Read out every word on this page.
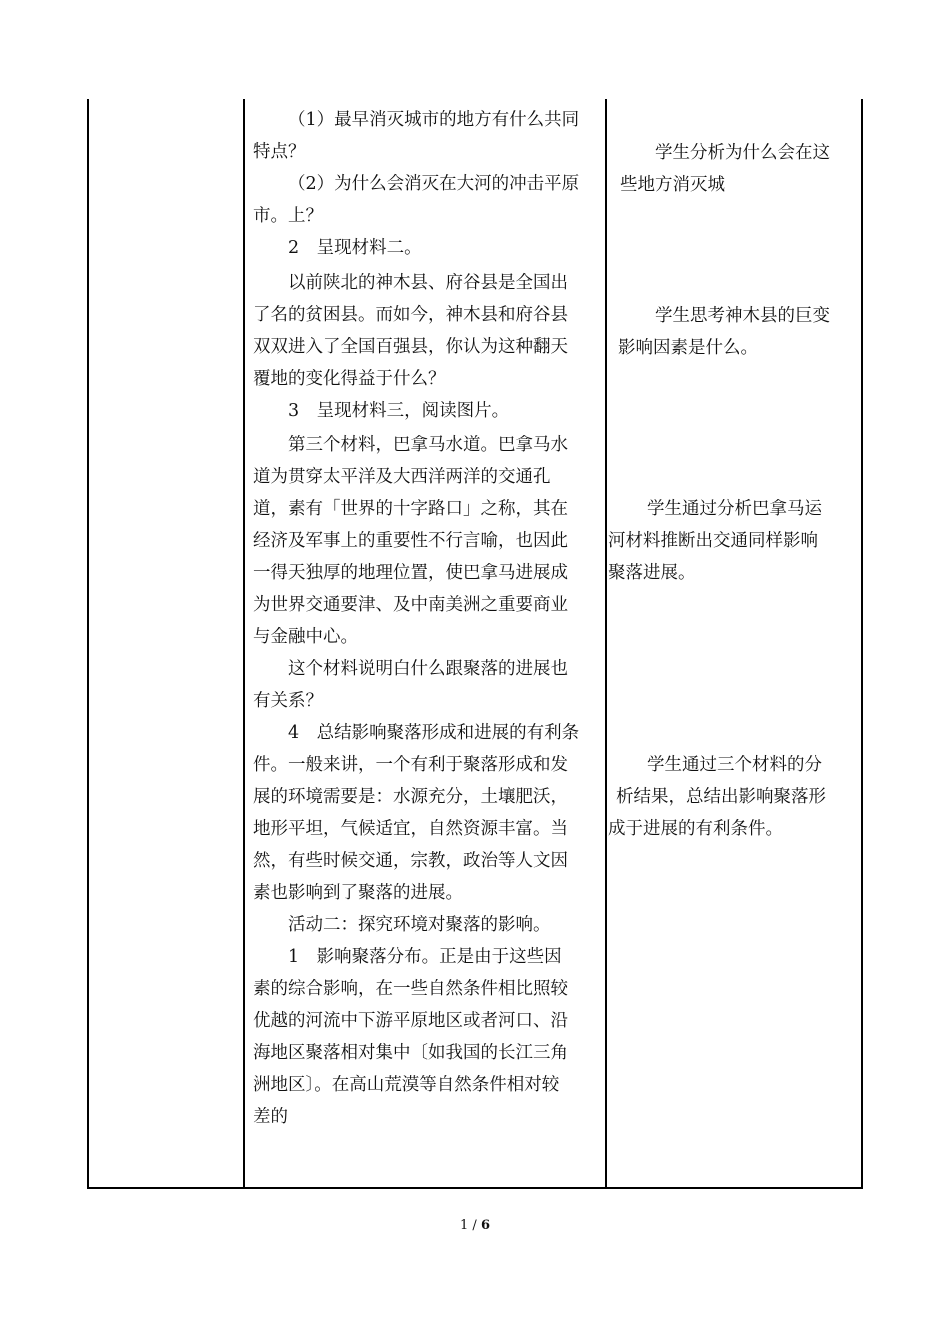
（1）最早消灭城市的地方有什么共同
特点？
（2）为什么会消灭在大河的冲击平原
市。上？
2　呈现材料二。
以前陕北的神木县、府谷县是全国出
了名的贫困县。而如今，神木县和府谷县
双双进入了全国百强县，你认为这种翻天
覆地的变化得益于什么？
3　呈现材料三，阅读图片。
第三个材料，巴拿马水道。巴拿马水
道为贯穿太平洋及大西洋两洋的交通孔
道，素有「世界的十字路口」之称，其在
经济及军事上的重要性不行言喻，也因此
一得天独厚的地理位置，使巴拿马进展成
为世界交通要津、及中南美洲之重要商业
与金融中心。
这个材料说明白什么跟聚落的进展也
有关系？
4　总结影响聚落形成和进展的有利条
件。一般来讲，一个有利于聚落形成和发
展的环境需要是：水源充分，土壤肥沃，
地形平坦，气候适宜，自然资源丰富。当
然，有些时候交通，宗教，政治等人文因
素也影响到了聚落的进展。
活动二：探究环境对聚落的影响。
1　影响聚落分布。正是由于这些因
素的综合影响，在一些自然条件相比照较
优越的河流中下游平原地区或者河口、沿
海地区聚落相对集中〔如我国的长江三角
洲地区〕。在高山荒漠等自然条件相对较
差的
学生分析为什么会在这
些地方消灭城
学生思考神木县的巨变
影响因素是什么。
学生通过分析巴拿马运
河材料推断出交通同样影响
聚落进展。
学生通过三个材料的分
析结果，总结出影响聚落形
成于进展的有利条件。
1 / 6
